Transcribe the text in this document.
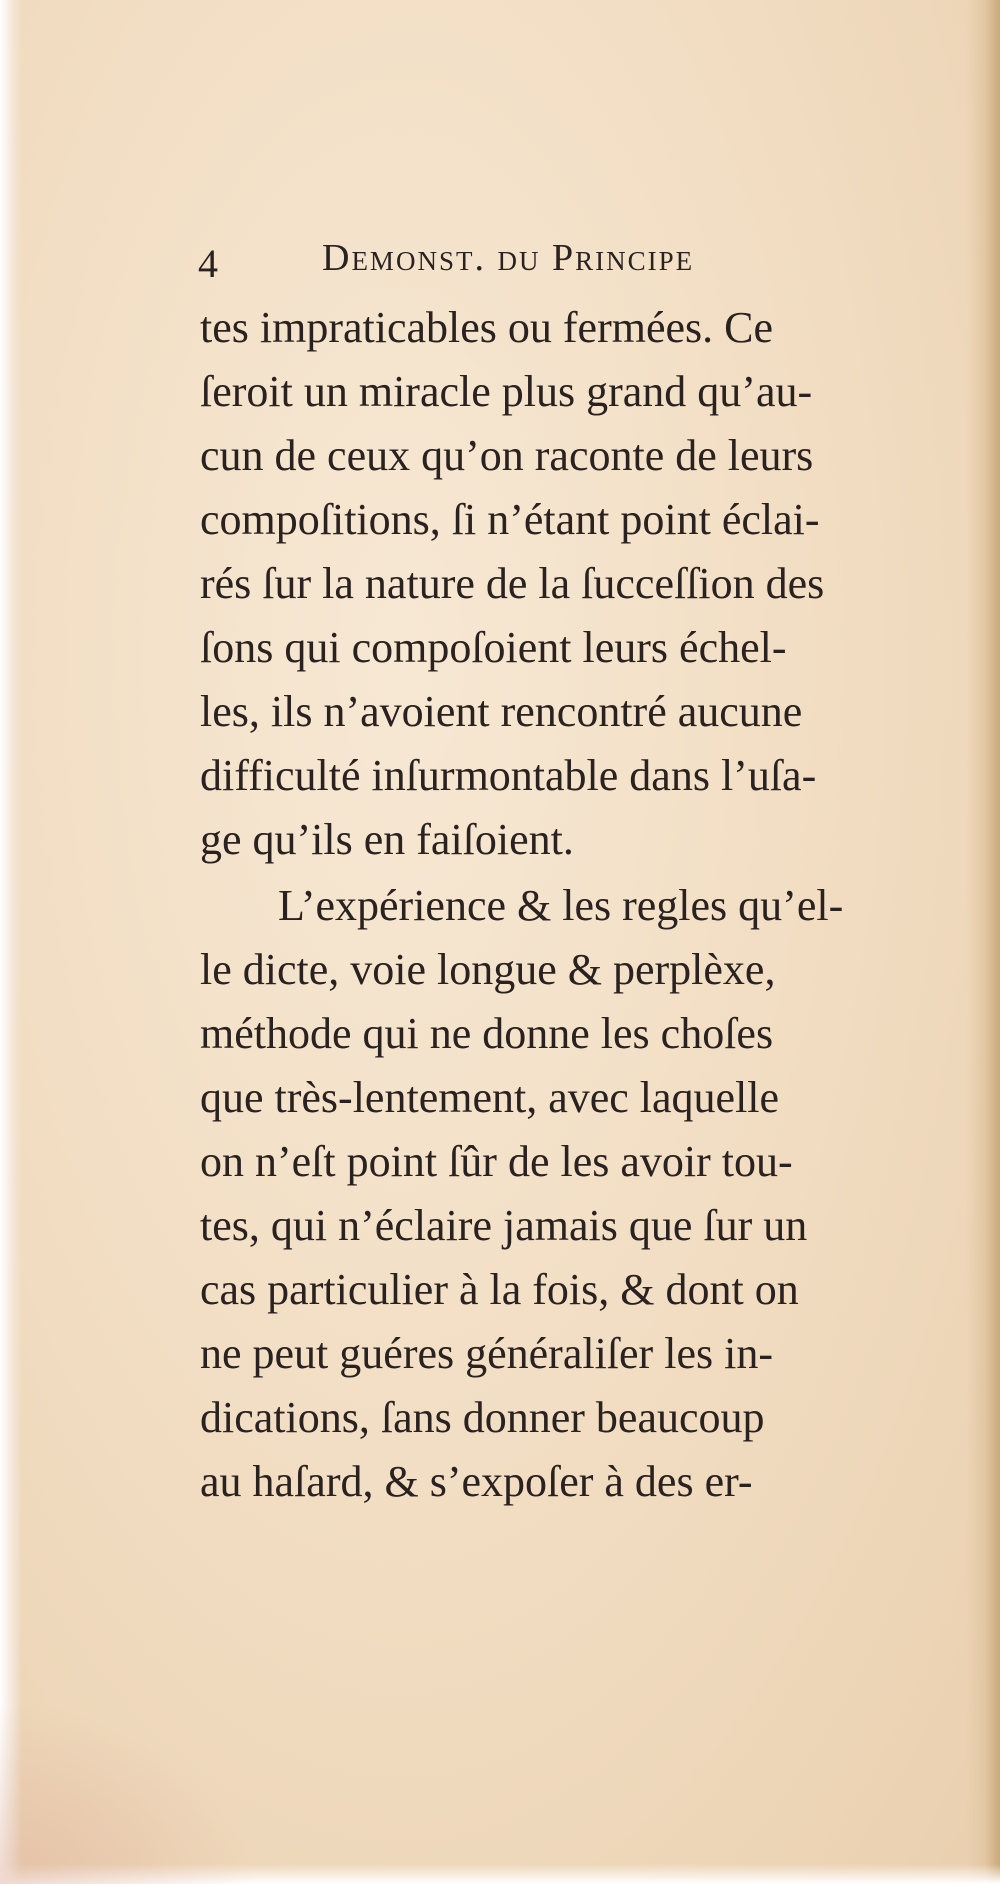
4	Demonst. du Principe
tes impraticables ou fermées. Ce
ſeroit un miracle plus grand qu’au-
cun de ceux qu’on raconte de leurs
compoſitions, ſi n’étant point éclai-
rés ſur la nature de la ſucceſſion des
ſons qui compoſoient leurs échel-
les, ils n’avoient rencontré aucune
difficulté inſurmontable dans l’uſa-
ge qu’ils en faiſoient.
L’expérience & les regles qu’el-
le dicte, voie longue & perplèxe,
méthode qui ne donne les choſes
que très-lentement, avec laquelle
on n’eſt point ſûr de les avoir tou-
tes, qui n’éclaire jamais que ſur un
cas particulier à la fois, & dont on
ne peut guéres généraliſer les in-
dications, ſans donner beaucoup
au haſard, & s’expoſer à des er-
